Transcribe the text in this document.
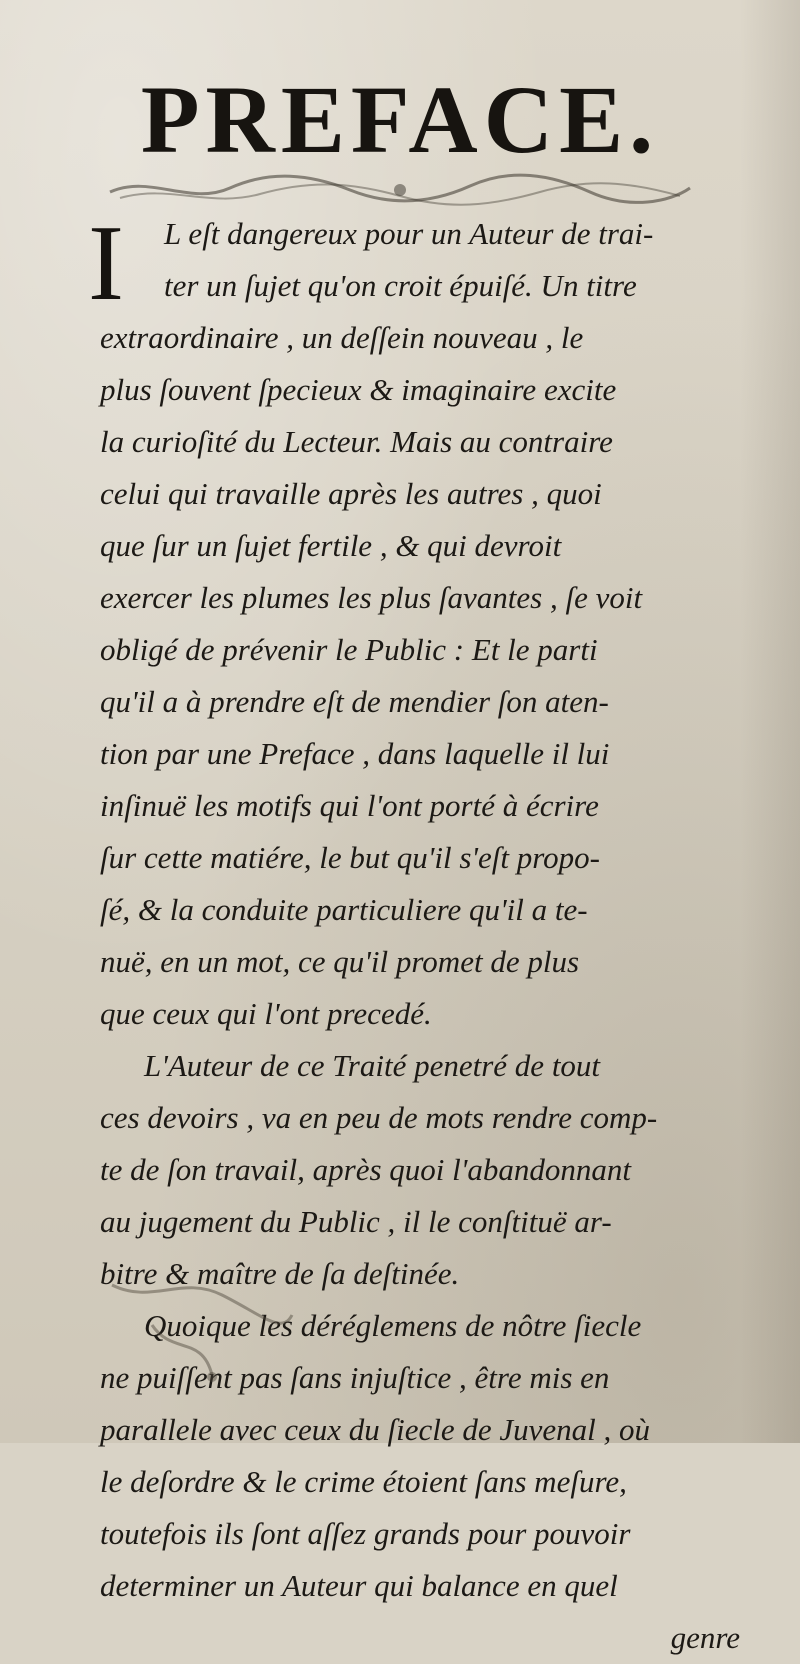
PREFACE.
I	L eſt dangereux pour un Auteur de trai-
ter un ſujet qu'on croit épuiſé. Un titre
extraordinaire , un deſſein nouveau , le
plus ſouvent ſpecieux & imaginaire excite
la curioſité du Lecteur. Mais au contraire
celui qui travaille après les autres , quoi
que ſur un ſujet fertile , & qui devroit
exercer les plumes les plus ſavantes , ſe voit
obligé de prévenir le Public : Et le parti
qu'il a à prendre eſt de mendier ſon aten-
tion par une Preface , dans laquelle il lui
inſinuë les motifs qui l'ont porté à écrire
ſur cette matiére, le but qu'il s'eſt propo-
ſé, & la conduite particuliere qu'il a te-
nuë, en un mot, ce qu'il promet de plus
que ceux qui l'ont precedé.
L'Auteur de ce Traité penetré de tout
ces devoirs , va en peu de mots rendre comp-
te de ſon travail, après quoi l'abandonnant
au jugement du Public , il le conſtituë ar-
bitre & maître de ſa deſtinée.
Quoique les déréglemens de nôtre ſiecle
ne puiſſent pas ſans injuſtice , être mis en
parallele avec ceux du ſiecle de Juvenal , où
le deſordre & le crime étoient ſans meſure,
toutefois ils ſont aſſez grands pour pouvoir
determiner un Auteur qui balance en quel
genre
